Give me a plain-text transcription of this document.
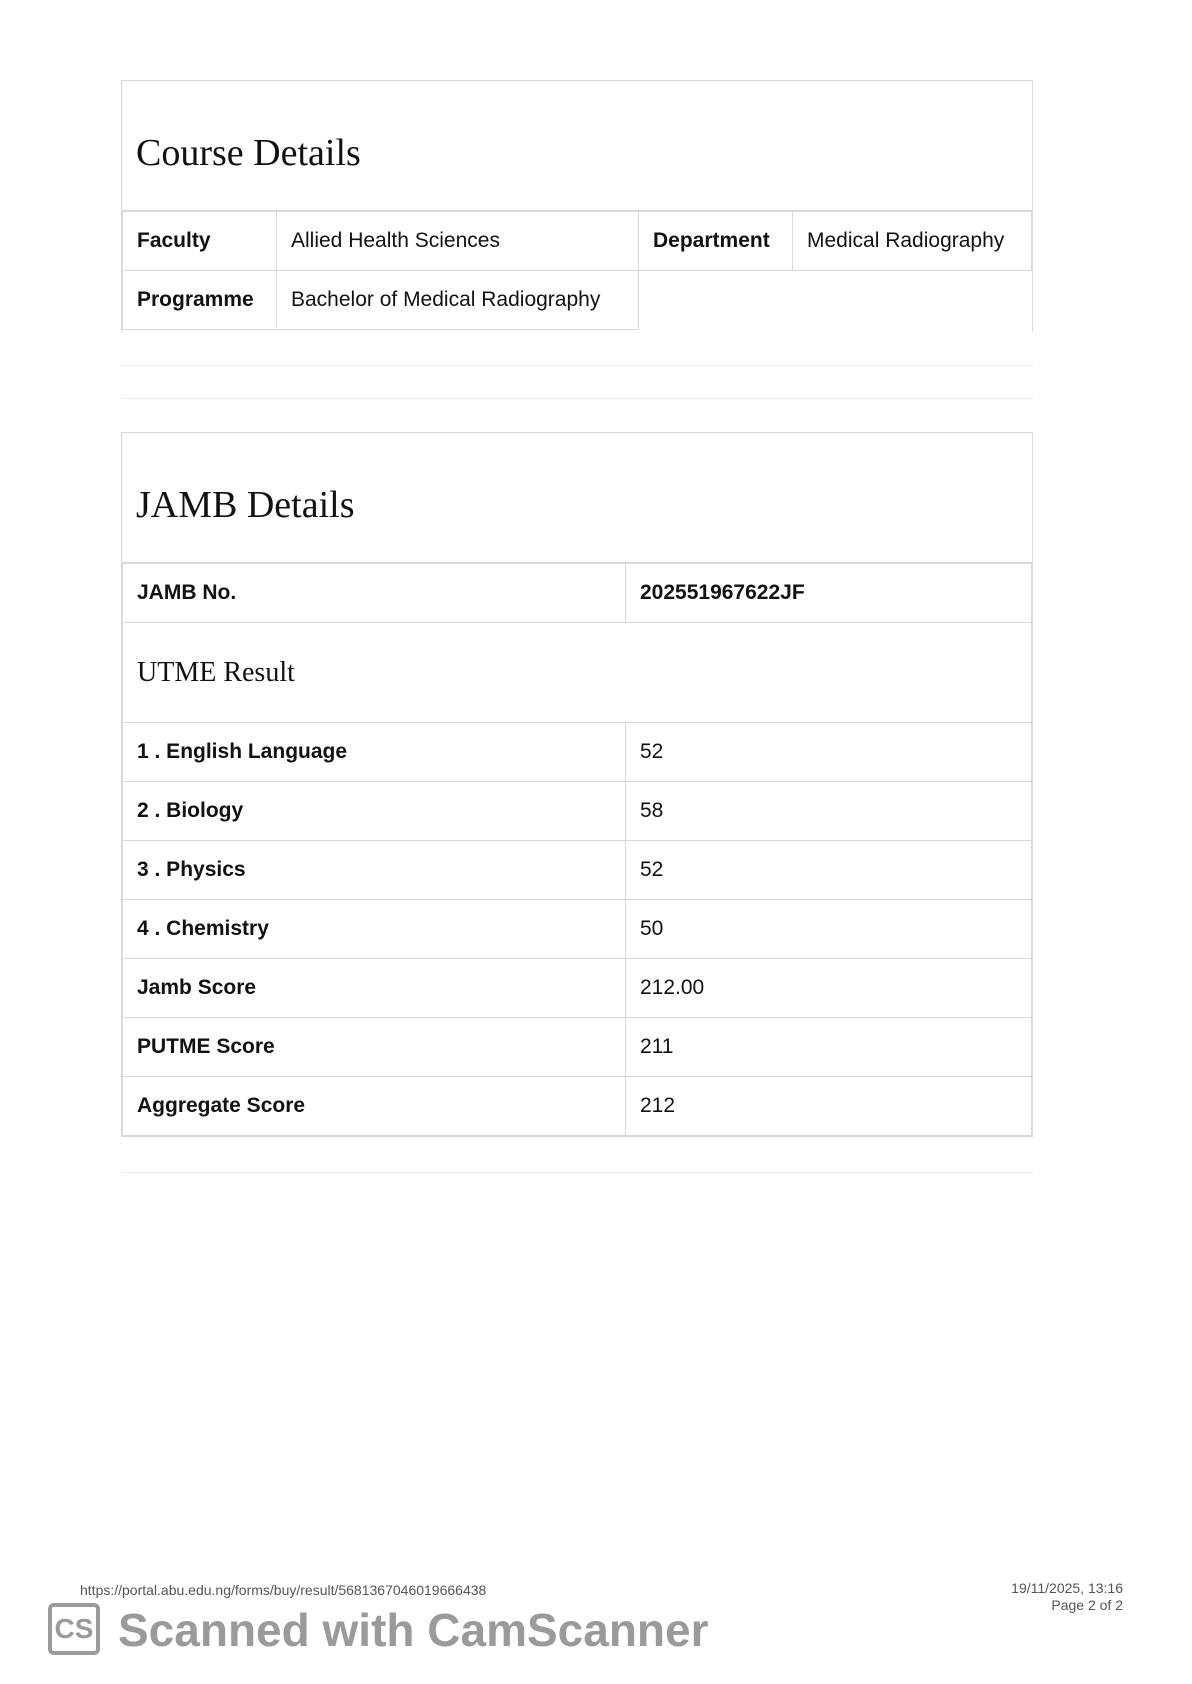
Course Details
Faculty	Allied Health Sciences	Department	Medical Radiography
Programme	Bachelor of Medical Radiography		
JAMB Details
JAMB No.	202551967622JF
UTME Result	
1 . English Language	52
2 . Biology	58
3 . Physics	52
4 . Chemistry	50
Jamb Score	212.00
PUTME Score	211
Aggregate Score	212
https://portal.abu.edu.ng/forms/buy/result/5681367046019666438	19/11/2025, 13:16
Page 2 of 2
CS Scanned with CamScanner
